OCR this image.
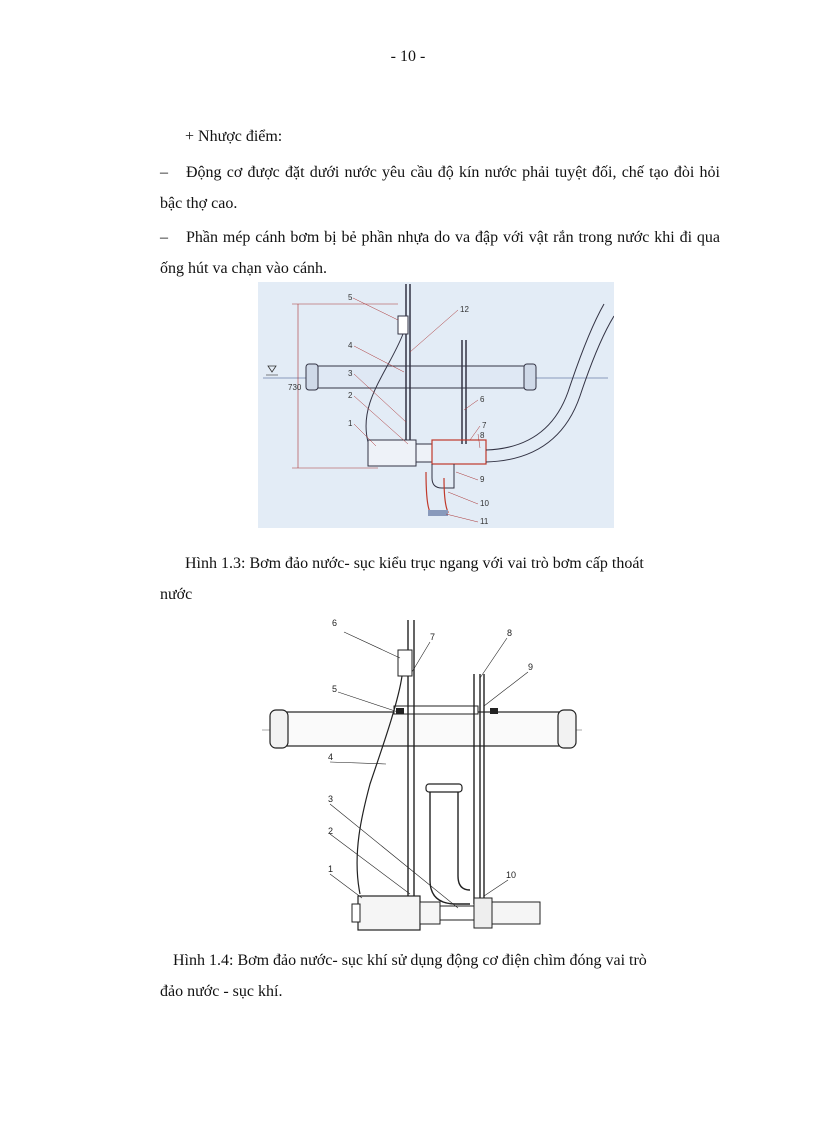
- 10 -
+ Nhược điểm:
– Động cơ được đặt dưới nước yêu cầu độ kín nước phải tuyệt đối, chế tạo đòi hỏi bậc thợ cao.
– Phần mép cánh bơm bị bẻ phần nhựa do va đập với vật rắn trong nước khi đi qua ống hút va chạn vào cánh.
730
1
2
3
4
5
6
7
8
9
10
11
12
Hình 1.3: Bơm đảo nước- sục kiểu trục ngang với vai trò bơm cấp thoát
nước
1
2
3
4
5
6
7	8
9
10
Hình 1.4: Bơm đảo nước- sục khí sử dụng động cơ điện chìm đóng vai trò
đảo nước - sục khí.
